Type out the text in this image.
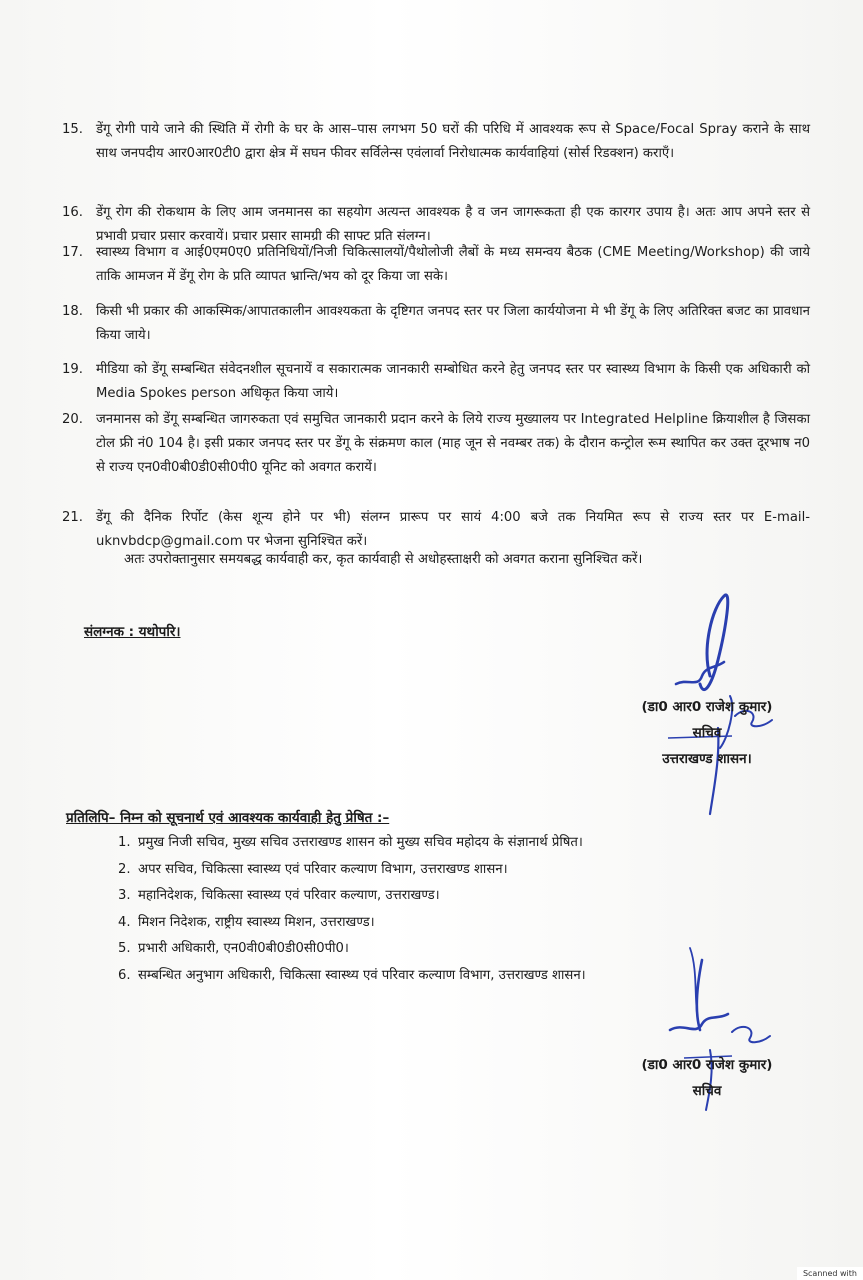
15. डेंगू रोगी पाये जाने की स्थिति में रोगी के घर के आस–पास लगभग 50 घरों की परिधि में आवश्यक रूप से Space/Focal Spray कराने के साथ साथ जनपदीय आर0आर0टी0 द्वारा क्षेत्र में सघन फीवर सर्विलेन्स एवंलार्वा निरोधात्मक कार्यवाहियां (सोर्स रिडक्शन) कराएँ।
16. डेंगू रोग की रोकथाम के लिए आम जनमानस का सहयोग अत्यन्त आवश्यक है व जन जागरूकता ही एक कारगर उपाय है। अतः आप अपने स्तर से प्रभावी प्रचार प्रसार करवायें। प्रचार प्रसार सामग्री की साफ्ट प्रति संलग्न।
17. स्वास्थ्य विभाग व आई0एम0ए0 प्रतिनिधियों/निजी चिकित्सालयों/पैथोलोजी लैबों के मध्य समन्वय बैठक (CME Meeting/Workshop) की जाये ताकि आमजन में डेंगू रोग के प्रति व्यापत भ्रान्ति/भय को दूर किया जा सके।
18. किसी भी प्रकार की आकस्मिक/आपातकालीन आवश्यकता के दृष्टिगत जनपद स्तर पर जिला कार्ययोजना मे भी डेंगू के लिए अतिरिक्त बजट का प्रावधान किया जाये।
19. मीडिया को डेंगू सम्बन्धित संवेदनशील सूचनायें व सकारात्मक जानकारी सम्बोधित करने हेतु जनपद स्तर पर स्वास्थ्य विभाग के किसी एक अधिकारी को Media Spokes person अधिकृत किया जाये।
20. जनमानस को डेंगू सम्बन्धित जागरुकता एवं समुचित जानकारी प्रदान करने के लिये राज्य मुख्यालय पर Integrated Helpline क्रियाशील है जिसका टोल फ्री नं0 104 है। इसी प्रकार जनपद स्तर पर डेंगू के संक्रमण काल (माह जून से नवम्बर तक) के दौरान कन्ट्रोल रूम स्थापित कर उक्त दूरभाष न0 से राज्य एन0वी0बी0डी0सी0पी0 यूनिट को अवगत करायें।
21. डेंगू की दैनिक रिर्पोट (केस शून्य होने पर भी) संलग्न प्रारूप पर सायं 4:00 बजे तक नियमित रूप से राज्य स्तर पर E-mail- uknvbdcp@gmail.com पर भेजना सुनिश्चित करें।
अतः उपरोक्तानुसार समयबद्ध कार्यवाही कर, कृत कार्यवाही से अधोहस्ताक्षरी को अवगत कराना सुनिश्चित करें।
संलग्नक : यथोपरि।
(डा0 आर0 राजेश कुमार)
सचिव
उत्तराखण्ड शासन।
प्रतिलिपि– निम्न को सूचनार्थ एवं आवश्यक कार्यवाही हेतु प्रेषित :–
1. प्रमुख निजी सचिव, मुख्य सचिव उत्तराखण्ड शासन को मुख्य सचिव महोदय के संज्ञानार्थ प्रेषित।
2. अपर सचिव, चिकित्सा स्वास्थ्य एवं परिवार कल्याण विभाग, उत्तराखण्ड शासन।
3. महानिदेशक, चिकित्सा स्वास्थ्य एवं परिवार कल्याण, उत्तराखण्ड।
4. मिशन निदेशक, राष्ट्रीय स्वास्थ्य मिशन, उत्तराखण्ड।
5. प्रभारी अधिकारी, एन0वी0बी0डी0सी0पी0।
6. सम्बन्धित अनुभाग अधिकारी, चिकित्सा स्वास्थ्य एवं परिवार कल्याण विभाग, उत्तराखण्ड शासन।
(डा0 आर0 राजेश कुमार)
सचिव
Scanned with
